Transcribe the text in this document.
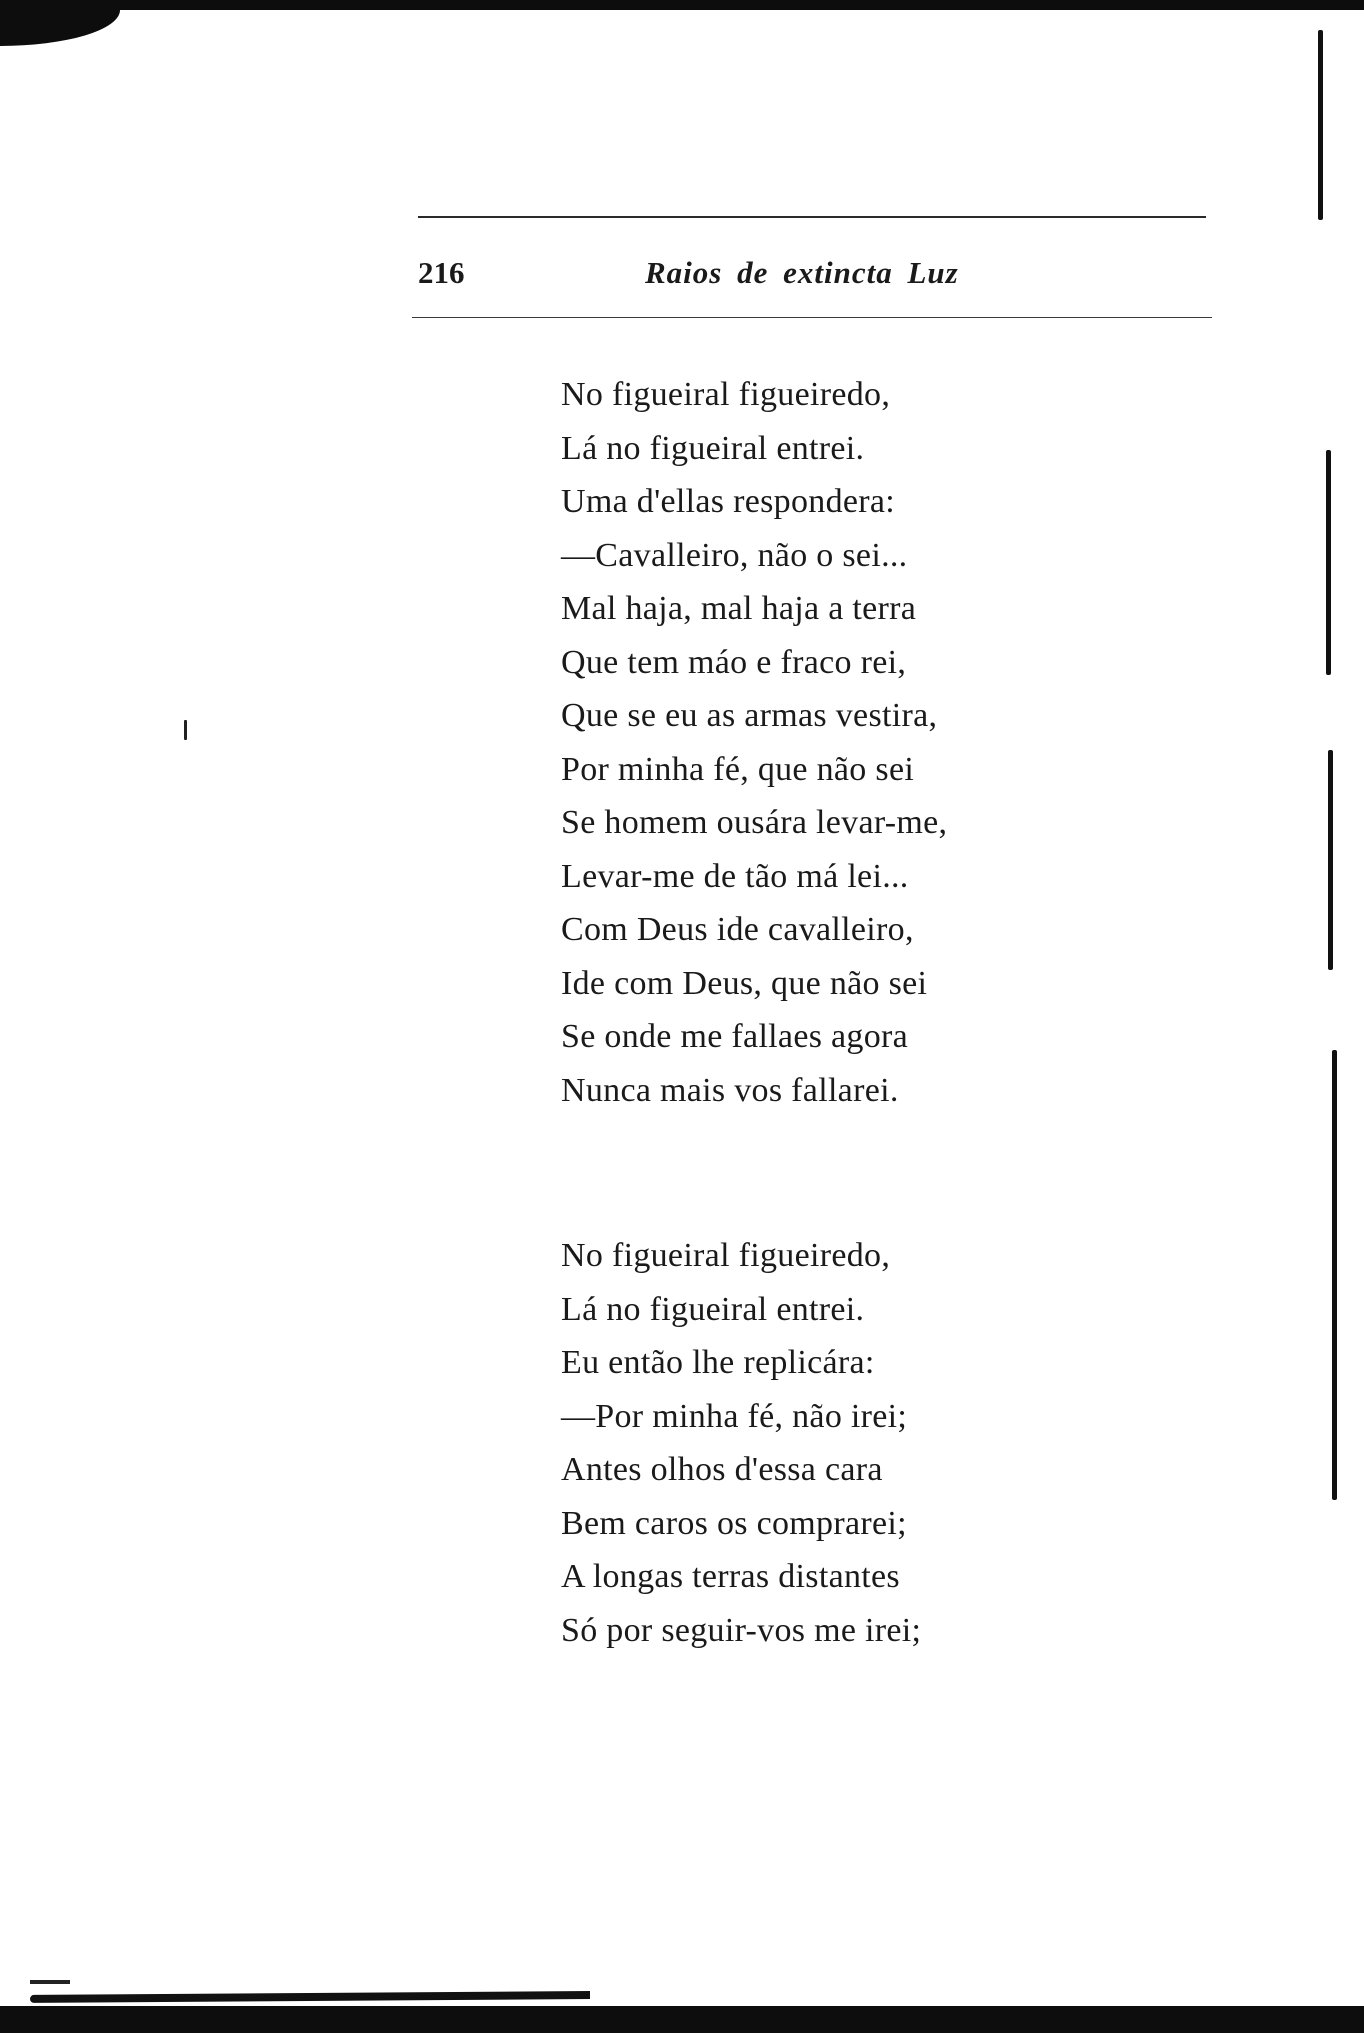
216	Raios de extincta Luz
No figueiral figueiredo,
Lá no figueiral entrei.
Uma d'ellas respondera:
—Cavalleiro, não o sei...
Mal haja, mal haja a terra
Que tem máo e fraco rei,
Que se eu as armas vestira,
Por minha fé, que não sei
Se homem ousára levar-me,
Levar-me de tão má lei...
Com Deus ide cavalleiro,
Ide com Deus, que não sei
Se onde me fallaes agora
Nunca mais vos fallarei.
No figueiral figueiredo,
Lá no figueiral entrei.
Eu então lhe replicára:
—Por minha fé, não irei;
Antes olhos d'essa cara
Bem caros os comprarei;
A longas terras distantes
Só por seguir-vos me irei;
